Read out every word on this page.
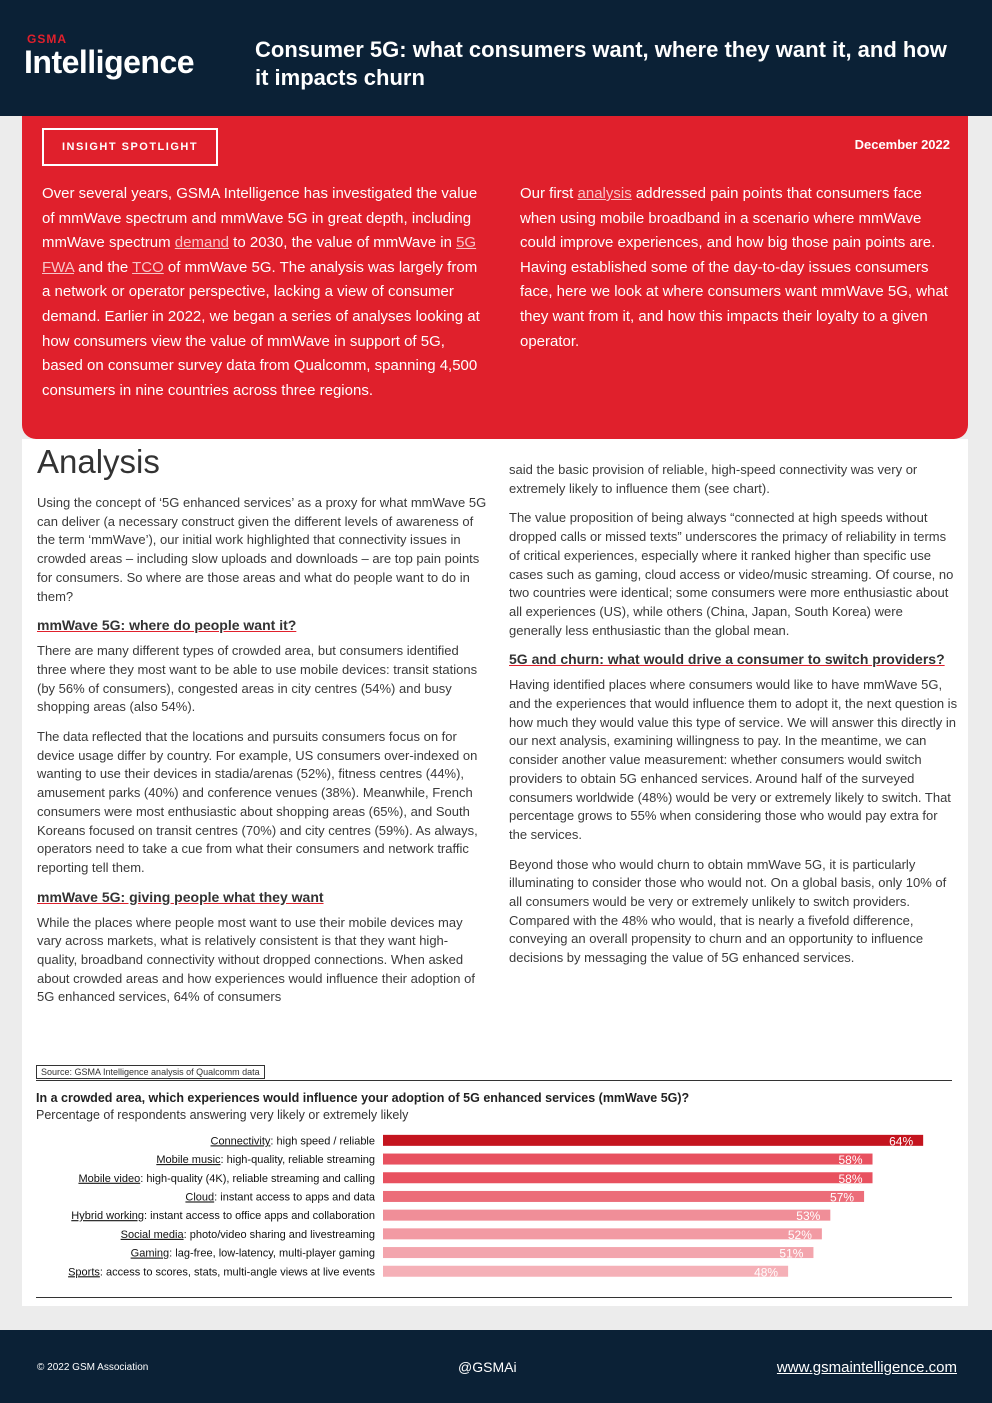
GSMA
Intelligence	Consumer 5G: what consumers want, where they want it, and how it impacts churn
INSIGHT SPOTLIGHT	December 2022
Over several years, GSMA Intelligence has investigated the value of mmWave spectrum and mmWave 5G in great depth, including mmWave spectrum demand to 2030, the value of mmWave in 5G FWA and the TCO of mmWave 5G. The analysis was largely from a network or operator perspective, lacking a view of consumer demand. Earlier in 2022, we began a series of analyses looking at how consumers view the value of mmWave in support of 5G, based on consumer survey data from Qualcomm, spanning 4,500 consumers in nine countries across three regions.
Our first analysis addressed pain points that consumers face when using mobile broadband in a scenario where mmWave could improve experiences, and how big those pain points are. Having established some of the day-to-day issues consumers face, here we look at where consumers want mmWave 5G, what they want from it, and how this impacts their loyalty to a given operator.
Analysis

Using the concept of ‘5G enhanced services’ as a proxy for what mmWave 5G can deliver (a necessary construct given the different levels of awareness of the term ‘mmWave’), our initial work highlighted that connectivity issues in crowded areas – including slow uploads and downloads – are top pain points for consumers. So where are those areas and what do people want to do in them?

mmWave 5G: where do people want it?

There are many different types of crowded area, but consumers identified three where they most want to be able to use mobile devices: transit stations (by 56% of consumers), congested areas in city centres (54%) and busy shopping areas (also 54%).

The data reflected that the locations and pursuits consumers focus on for device usage differ by country. For example, US consumers over-indexed on wanting to use their devices in stadia/arenas (52%), fitness centres (44%), amusement parks (40%) and conference venues (38%). Meanwhile, French consumers were most enthusiastic about shopping areas (65%), and South Koreans focused on transit centres (70%) and city centres (59%). As always, operators need to take a cue from what their consumers and network traffic reporting tell them.

mmWave 5G: giving people what they want

While the places where people most want to use their mobile devices may vary across markets, what is relatively consistent is that they want high-quality, broadband connectivity without dropped connections. When asked about crowded areas and how experiences would influence their adoption of 5G enhanced services, 64% of consumers

said the basic provision of reliable, high-speed connectivity was very or extremely likely to influence them (see chart).

The value proposition of being always “connected at high speeds without dropped calls or missed texts” underscores the primacy of reliability in terms of critical experiences, especially where it ranked higher than specific use cases such as gaming, cloud access or video/music streaming. Of course, no two countries were identical; some consumers were more enthusiastic about all experiences (US), while others (China, Japan, South Korea) were generally less enthusiastic than the global mean.

5G and churn: what would drive a consumer to switch providers?

Having identified places where consumers would like to have mmWave 5G, and the experiences that would influence them to adopt it, the next question is how much they would value this type of service. We will answer this directly in our next analysis, examining willingness to pay. In the meantime, we can consider another value measurement: whether consumers would switch providers to obtain 5G enhanced services. Around half of the surveyed consumers worldwide (48%) would be very or extremely likely to switch. That percentage grows to 55% when considering those who would pay extra for the services.

Beyond those who would churn to obtain mmWave 5G, it is particularly illuminating to consider those who would not. On a global basis, only 10% of all consumers would be very or extremely unlikely to switch providers. Compared with the 48% who would, that is nearly a fivefold difference, conveying an overall propensity to churn and an opportunity to influence decisions by messaging the value of 5G enhanced services.

Source: GSMA Intelligence analysis of Qualcomm data
In a crowded area, which experiences would influence your adoption of 5G enhanced services (mmWave 5G)?
Percentage of respondents answering very likely or extremely likely
Connectivity: high speed / reliable	64%
Mobile music: high-quality, reliable streaming	58%
Mobile video: high-quality (4K), reliable streaming and calling	58%
Cloud: instant access to apps and data	57%
Hybrid working: instant access to office apps and collaboration	53%
Social media: photo/video sharing and livestreaming	52%
Gaming: lag-free, low-latency, multi-player gaming	51%
Sports: access to scores, stats, multi-angle views at live events	48%
© 2022 GSM Association	@GSMAi	www.gsmaintelligence.com
